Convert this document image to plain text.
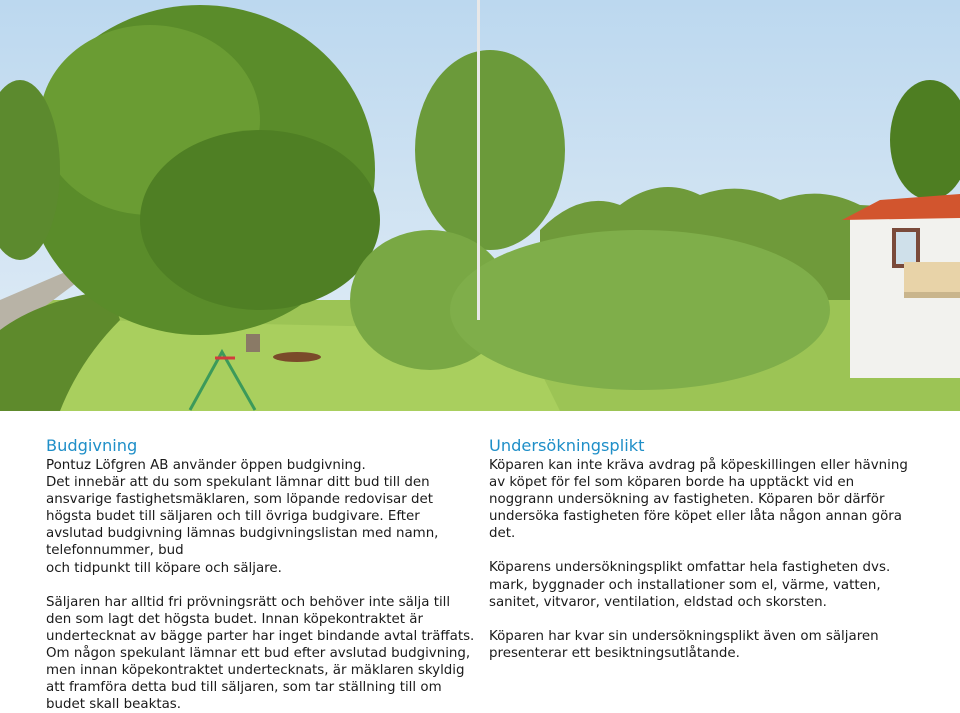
Budgivning

Pontuz Löfgren AB använder öppen budgivning.
Det innebär att du som spekulant lämnar ditt bud till den ansvarige fastighetsmäklaren, som löpande redovisar det högsta budet till säljaren och till övriga budgivare. Efter avslutad budgivning lämnas budgivningslistan med namn, telefonnummer, bud
och tidpunkt till köpare och säljare.

Säljaren har alltid fri prövningsrätt och behöver inte sälja till den som lagt det högsta budet. Innan köpekontraktet är undertecknat av bägge parter har inget bindande avtal träffats.

Om någon spekulant lämnar ett bud efter avslutad budgivning, men innan köpekontraktet undertecknats, är mäklaren skyldig att framföra detta bud till säljaren, som tar ställning till om budet skall beaktas.

Undersökningsplikt

Köparen kan inte kräva avdrag på köpeskillingen eller hävning av köpet för fel som köparen borde ha upptäckt vid en noggrann undersökning av fastigheten. Köparen bör därför undersöka fastigheten före köpet eller låta någon annan göra det.

Köparens undersökningsplikt omfattar hela fastigheten dvs. mark, byggnader och installationer som el, värme, vatten, sanitet, vitvaror, ventilation, eldstad och skorsten.

Köparen har kvar sin undersökningsplikt även om säljaren presenterar ett besiktningsutlåtande.
